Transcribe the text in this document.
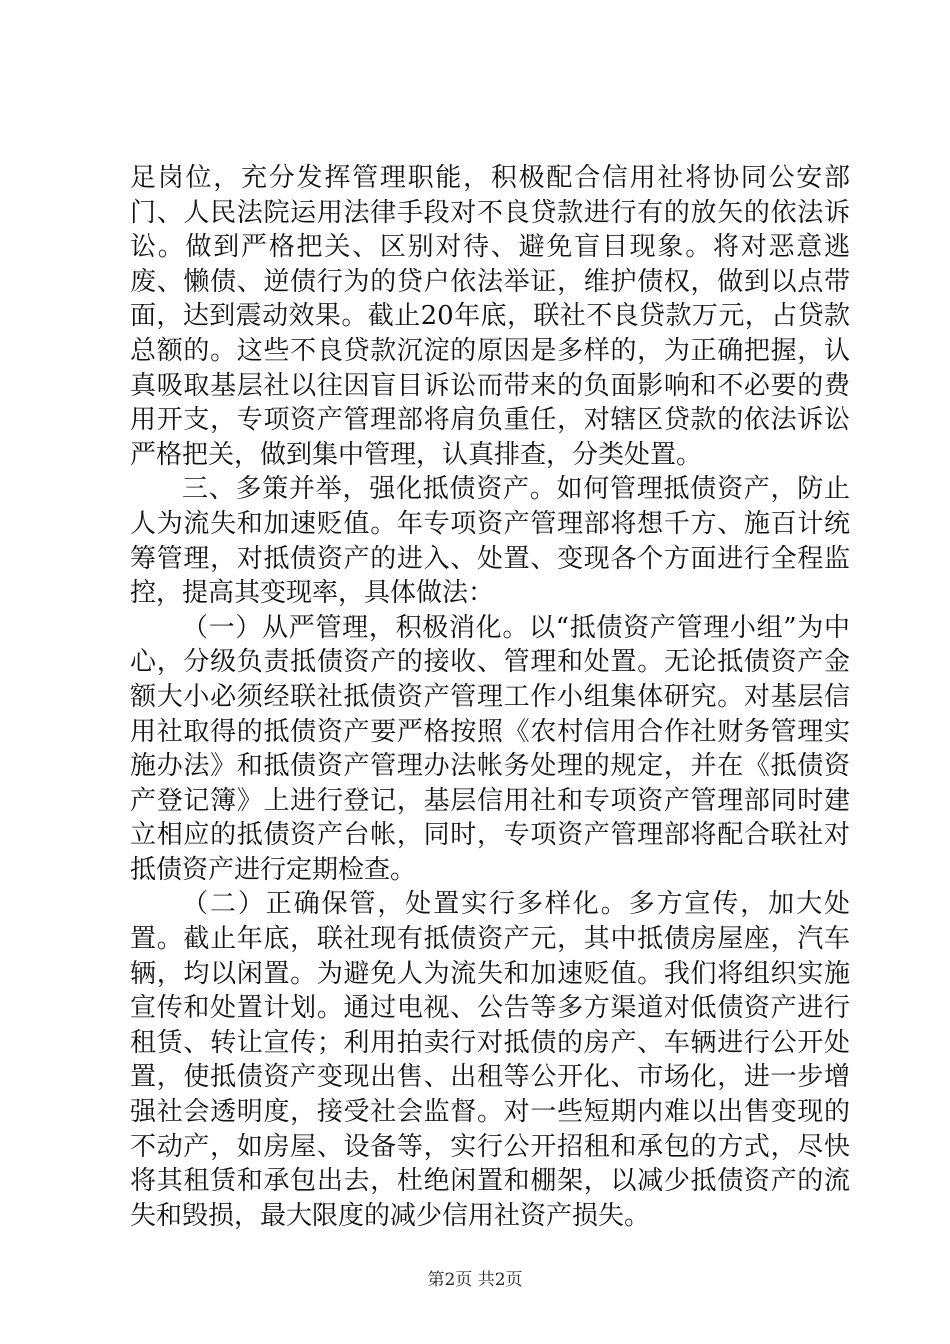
足岗位，充分发挥管理职能，积极配合信用社将协同公安部门、人民法院运用法律手段对不良贷款进行有的放矢的依法诉讼。做到严格把关、区别对待、避免盲目现象。将对恶意逃废、懒债、逆债行为的贷户依法举证，维护债权，做到以点带面，达到震动效果。截止20年底，联社不良贷款万元，占贷款总额的。这些不良贷款沉淀的原因是多样的，为正确把握，认真吸取基层社以往因盲目诉讼而带来的负面影响和不必要的费用开支，专项资产管理部将肩负重任，对辖区贷款的依法诉讼严格把关，做到集中管理，认真排查，分类处置。

三、多策并举，强化抵债资产。如何管理抵债资产，防止人为流失和加速贬值。年专项资产管理部将想千方、施百计统筹管理，对抵债资产的进入、处置、变现各个方面进行全程监控，提高其变现率，具体做法：

（一）从严管理，积极消化。以“抵债资产管理小组”为中心，分级负责抵债资产的接收、管理和处置。无论抵债资产金额大小必须经联社抵债资产管理工作小组集体研究。对基层信用社取得的抵债资产要严格按照《农村信用合作社财务管理实施办法》和抵债资产管理办法帐务处理的规定，并在《抵债资产登记簿》上进行登记，基层信用社和专项资产管理部同时建立相应的抵债资产台帐，同时，专项资产管理部将配合联社对抵债资产进行定期检查。

（二）正确保管，处置实行多样化。多方宣传，加大处置。截止年底，联社现有抵债资产元，其中抵债房屋座，汽车辆，均以闲置。为避免人为流失和加速贬值。我们将组织实施宣传和处置计划。通过电视、公告等多方渠道对低债资产进行租赁、转让宣传；利用拍卖行对抵债的房产、车辆进行公开处置，使抵债资产变现出售、出租等公开化、市场化，进一步增强社会透明度，接受社会监督。对一些短期内难以出售变现的不动产，如房屋、设备等，实行公开招租和承包的方式，尽快将其租赁和承包出去，杜绝闲置和棚架，以减少抵债资产的流失和毁损，最大限度的减少信用社资产损失。

第2页 共2页
